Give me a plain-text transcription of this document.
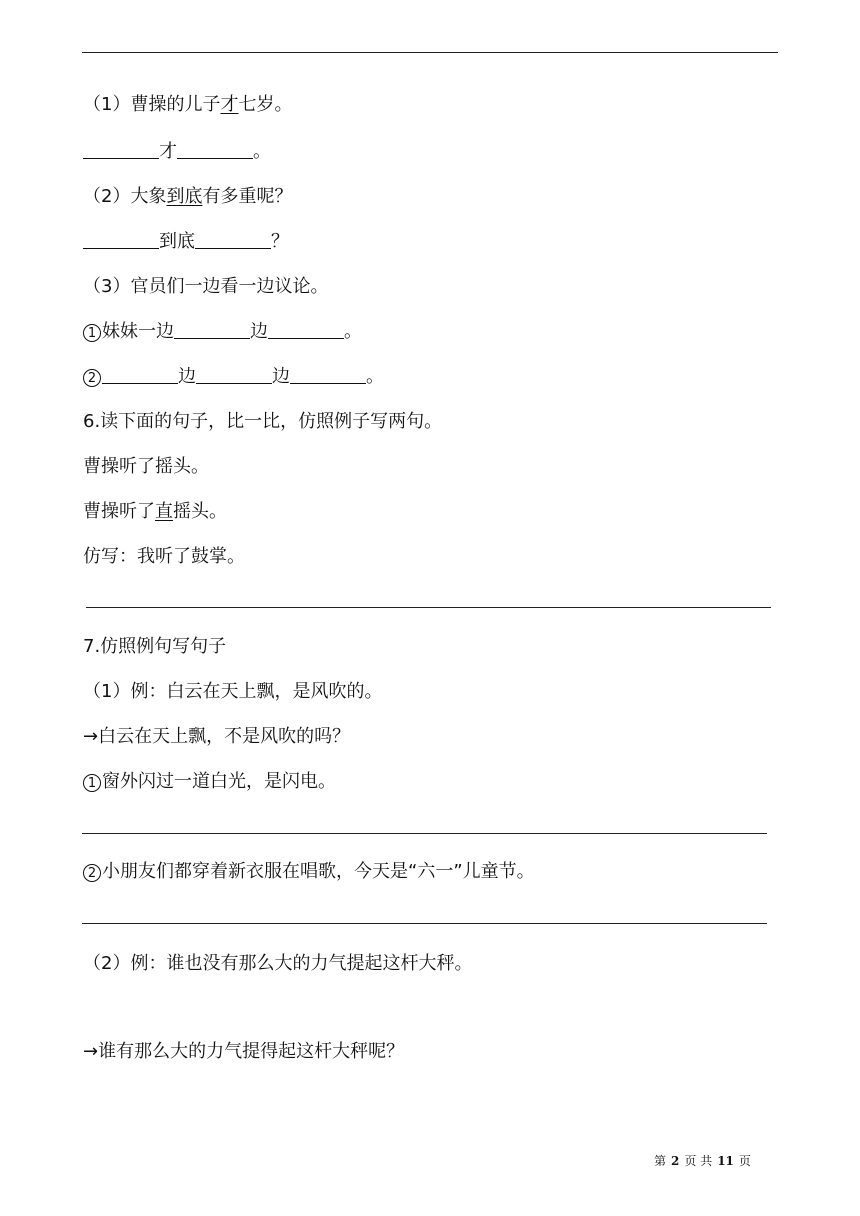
（1）曹操的儿子才七岁。
才	。
（2）大象到底有多重呢？
到底	？
（3）官员们一边看一边议论。
1 妹妹一边	边	。
2	边	边	。
6.读下面的句子，比一比，仿照例子写两句。
曹操听了摇头。
曹操听了直摇头。
仿写：我听了鼓掌。
7.仿照例句写句子
（1）例：白云在天上飘，是风吹的。
→白云在天上飘，不是风吹的吗？
1 窗外闪过一道白光，是闪电。
2 小朋友们都穿着新衣服在唱歌，今天是“六一”儿童节。
（2）例：谁也没有那么大的力气提起这杆大秤。
→谁有那么大的力气提得起这杆大秤呢？
第 2 页 共 11 页
